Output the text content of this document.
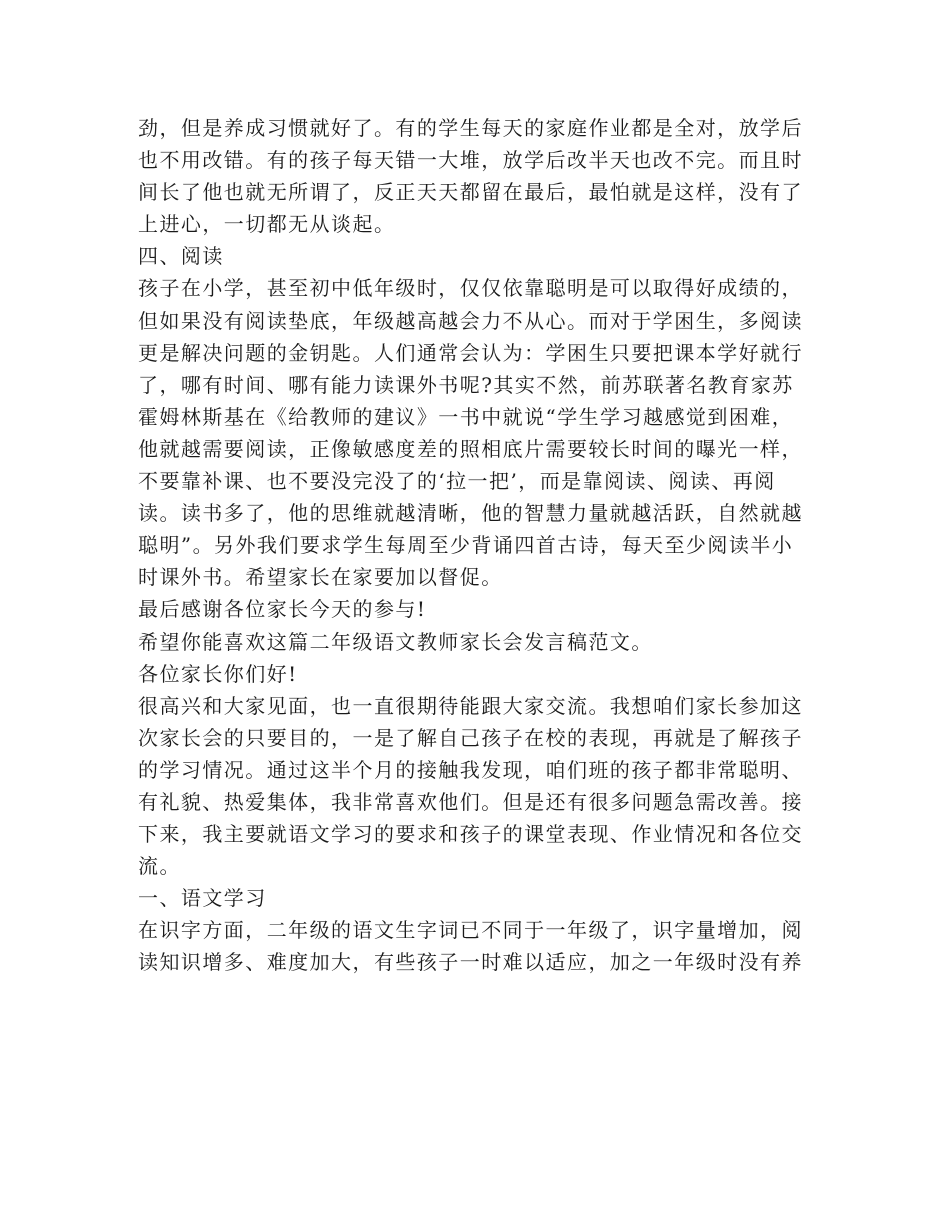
劲，但是养成习惯就好了。有的学生每天的家庭作业都是全对，放学后
也不用改错。有的孩子每天错一大堆，放学后改半天也改不完。而且时
间长了他也就无所谓了，反正天天都留在最后，最怕就是这样，没有了
上进心，一切都无从谈起。
四、阅读
孩子在小学，甚至初中低年级时，仅仅依靠聪明是可以取得好成绩的，
但如果没有阅读垫底，年级越高越会力不从心。而对于学困生，多阅读
更是解决问题的金钥匙。人们通常会认为：学困生只要把课本学好就行
了，哪有时间、哪有能力读课外书呢?其实不然，前苏联著名教育家苏
霍姆林斯基在《给教师的建议》一书中就说“学生学习越感觉到困难，
他就越需要阅读，正像敏感度差的照相底片需要较长时间的曝光一样，
不要靠补课、也不要没完没了的‘拉一把’，而是靠阅读、阅读、再阅
读。读书多了，他的思维就越清晰，他的智慧力量就越活跃，自然就越
聪明”。另外我们要求学生每周至少背诵四首古诗，每天至少阅读半小
时课外书。希望家长在家要加以督促。
最后感谢各位家长今天的参与!
希望你能喜欢这篇二年级语文教师家长会发言稿范文。
各位家长你们好!
很高兴和大家见面，也一直很期待能跟大家交流。我想咱们家长参加这
次家长会的只要目的，一是了解自己孩子在校的表现，再就是了解孩子
的学习情况。通过这半个月的接触我发现，咱们班的孩子都非常聪明、
有礼貌、热爱集体，我非常喜欢他们。但是还有很多问题急需改善。接
下来，我主要就语文学习的要求和孩子的课堂表现、作业情况和各位交
流。
一、语文学习
在识字方面，二年级的语文生字词已不同于一年级了，识字量增加，阅
读知识增多、难度加大，有些孩子一时难以适应，加之一年级时没有养
